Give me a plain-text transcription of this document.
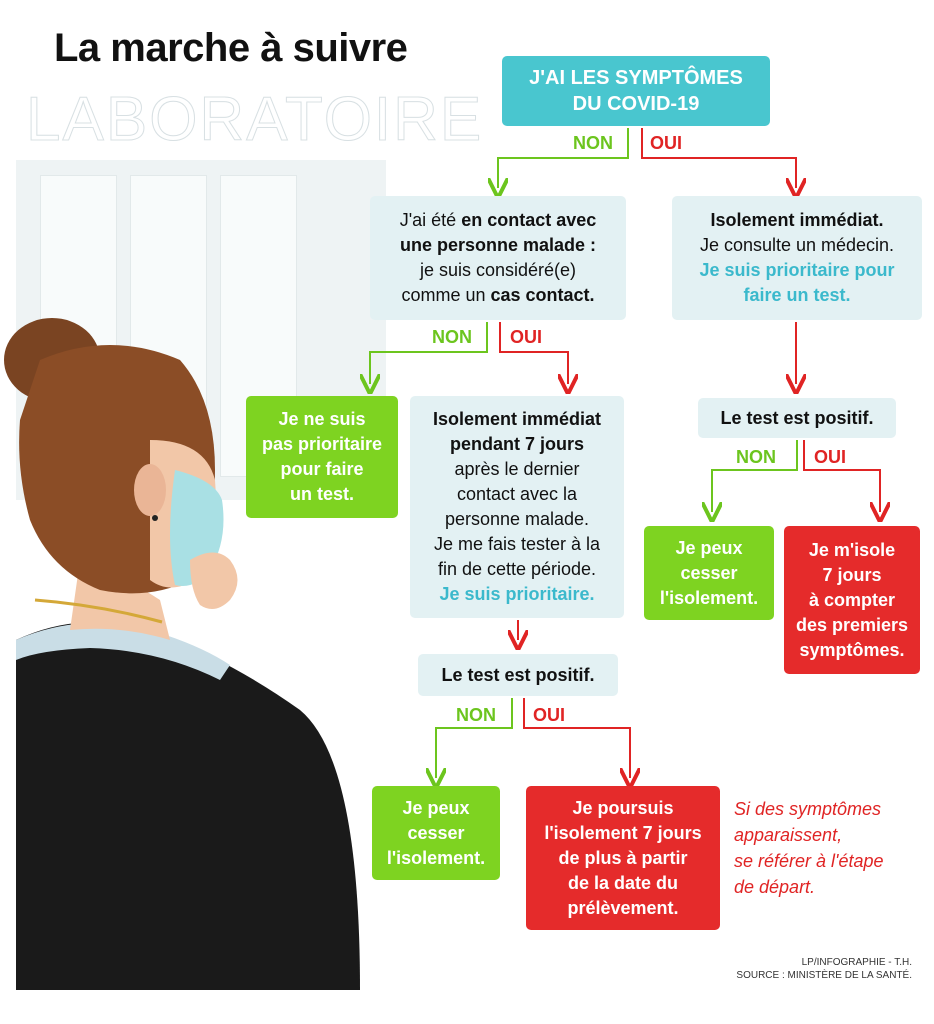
LABORATOIRE
La marche à suivre
NON OUI
NON OUI
NON OUI
NON OUI
J'AI LES SYMPTÔMES
DU COVID-19
J'ai été en contact avec
une personne malade :
je suis considéré(e)
comme un cas contact.
Isolement immédiat.
Je consulte un médecin.
Je suis prioritaire pour
faire un test.
Je ne suis
pas prioritaire
pour faire
un test.
Isolement immédiat
pendant 7 jours
après le dernier
contact avec la
personne malade.
Je me fais tester à la
fin de cette période.
Je suis prioritaire.
Le test est positif.
Je peux
cesser
l'isolement.
Je m'isole
7 jours
à compter
des premiers
symptômes.
Le test est positif.
Je peux
cesser
l'isolement.
Je poursuis
l'isolement 7 jours
de plus à partir
de la date du
prélèvement.
Si des symptômes
apparaissent,
se référer à l'étape
de départ.
LP/INFOGRAPHIE - T.H.
SOURCE : MINISTÈRE DE LA SANTÉ.
